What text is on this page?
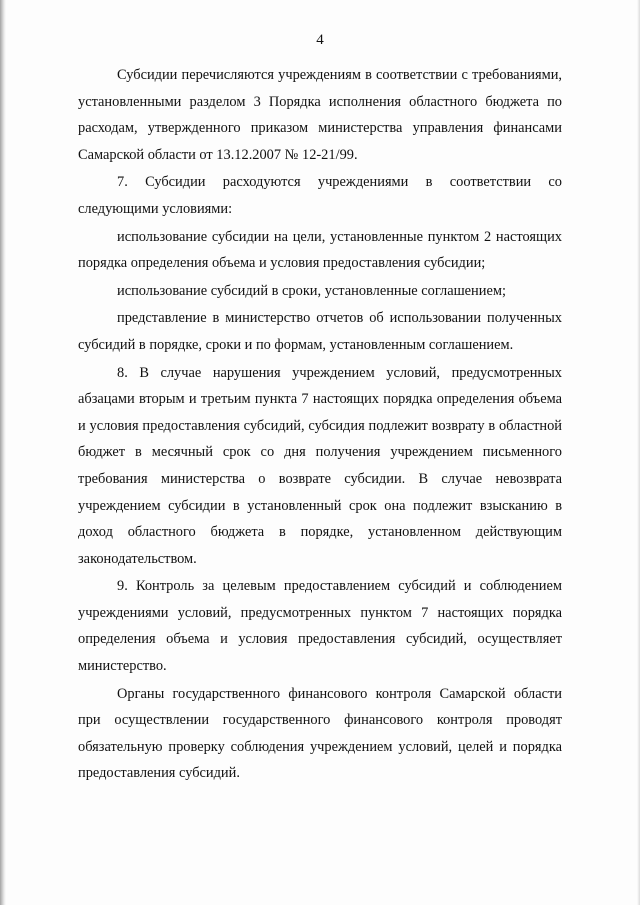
4

Субсидии перечисляются учреждениям в соответствии с требованиями, установленными разделом 3 Порядка исполнения областного бюджета по расходам, утвержденного приказом министерства управления финансами Самарской области от 13.12.2007 № 12-21/99.

7. Субсидии расходуются учреждениями в соответствии со следующими условиями:

использование субсидии на цели, установленные пунктом 2 настоящих порядка определения объема и условия предоставления субсидии;

использование субсидий в сроки, установленные соглашением;

представление в министерство отчетов об использовании полученных субсидий в порядке, сроки и по формам, установленным соглашением.

8. В случае нарушения учреждением условий, предусмотренных абзацами вторым и третьим пункта 7 настоящих порядка определения объема и условия предоставления субсидий, субсидия подлежит возврату в областной бюджет в месячный срок со дня получения учреждением письменного требования министерства о возврате субсидии. В случае невозврата учреждением субсидии в установленный срок она подлежит взысканию в доход областного бюджета в порядке, установленном действующим законодательством.

9. Контроль за целевым предоставлением субсидий и соблюдением учреждениями условий, предусмотренных пунктом 7 настоящих порядка определения объема и условия предоставления субсидий, осуществляет министерство.

Органы государственного финансового контроля Самарской области при осуществлении государственного финансового контроля проводят обязательную проверку соблюдения учреждением условий, целей и порядка предоставления субсидий.
